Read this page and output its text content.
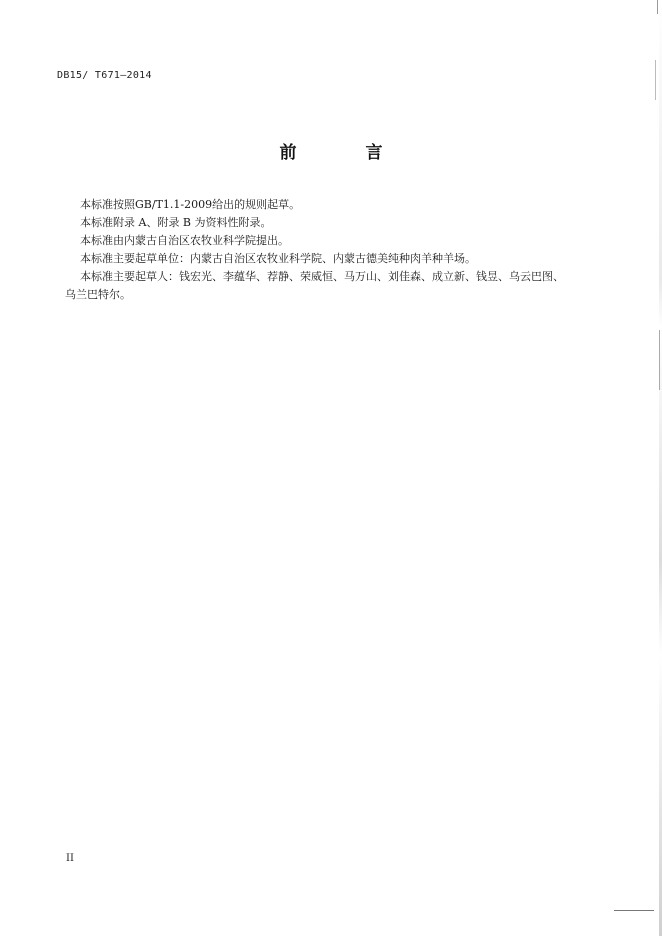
DB15/ T671—2014
前　言

本标准按照GB/T1.1-2009给出的规则起草。

本标准附录 A、附录 B 为资料性附录。

本标准由内蒙古自治区农牧业科学院提出。

本标准主要起草单位：内蒙古自治区农牧业科学院、内蒙古德美纯种肉羊种羊场。

本标准主要起草人：钱宏光、李蕴华、荐静、荣威恒、马万山、刘佳森、成立新、钱昱、乌云巴图、

乌兰巴特尔。

II
